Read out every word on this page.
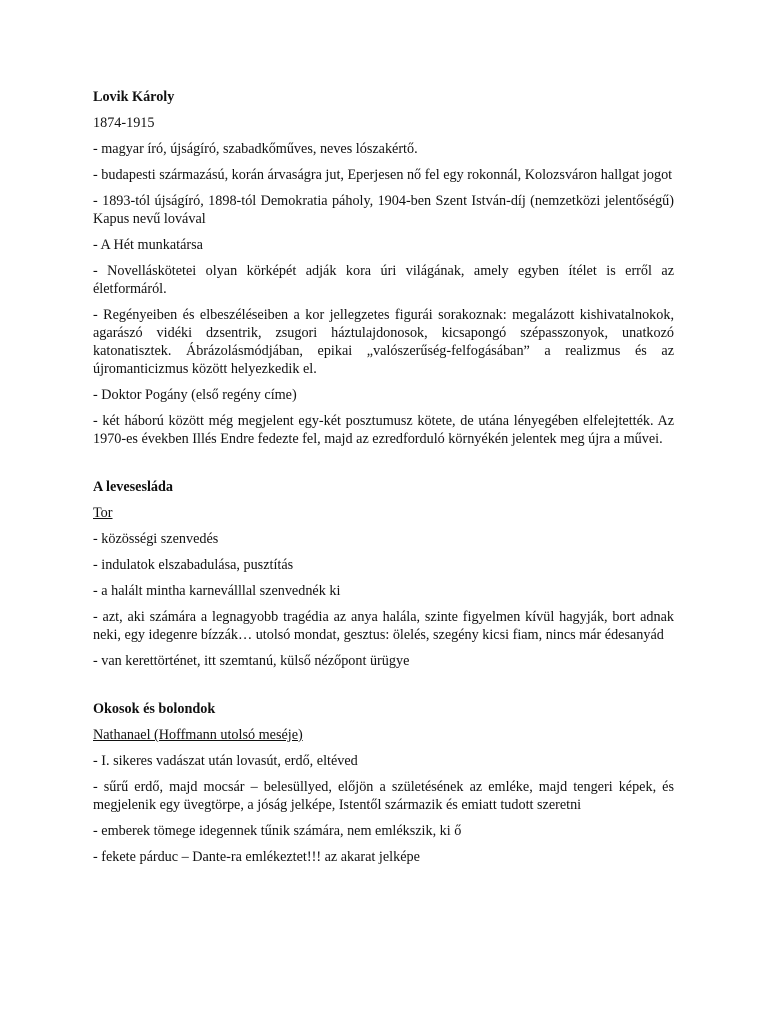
Lovik Károly

1874-1915

- magyar író, újságíró, szabadkőműves, neves lószakértő.

- budapesti származású, korán árvaságra jut, Eperjesen nő fel egy rokonnál, Kolozsváron hallgat jogot

- 1893-tól újságíró, 1898-tól Demokratia páholy, 1904-ben Szent István-díj (nemzetközi jelentőségű) Kapus nevű lovával

- A Hét munkatársa

- Novelláskötetei olyan körképét adják kora úri világának, amely egyben ítélet is erről az életformáról.

- Regényeiben és elbeszéléseiben a kor jellegzetes figurái sorakoznak: megalázott kishivatalnokok, agarászó vidéki dzsentrik, zsugori háztulajdonosok, kicsapongó szépasszonyok, unatkozó katonatisztek. Ábrázolásmódjában, epikai „valószerűség-felfogásában” a realizmus és az újromanticizmus között helyezkedik el.

- Doktor Pogány (első regény címe)

- két háború között még megjelent egy-két posztumusz kötete, de utána lényegében elfelejtették. Az 1970-es években Illés Endre fedezte fel, majd az ezredforduló környékén jelentek meg újra a művei.

A levesesláda
Tor

- közösségi szenvedés

- indulatok elszabadulása, pusztítás

- a halált mintha karneválllal szenvednék ki

- azt, aki számára a legnagyobb tragédia az anya halála, szinte figyelmen kívül hagyják, bort adnak neki, egy idegenre bízzák… utolsó mondat, gesztus: ölelés, szegény kicsi fiam, nincs már édesanyád

- van kerettörténet, itt szemtanú, külső nézőpont ürügye

Okosok és bolondok
Nathanael (Hoffmann utolsó meséje)

- I. sikeres vadászat után lovasút, erdő, eltéved

- sűrű erdő, majd mocsár – belesüllyed, előjön a születésének az emléke, majd tengeri képek, és megjelenik egy üvegtörpe, a jóság jelképe, Istentől származik és emiatt tudott szeretni

- emberek tömege idegennek tűnik számára, nem emlékszik, ki ő

- fekete párduc – Dante-ra emlékeztet!!! az akarat jelképe
